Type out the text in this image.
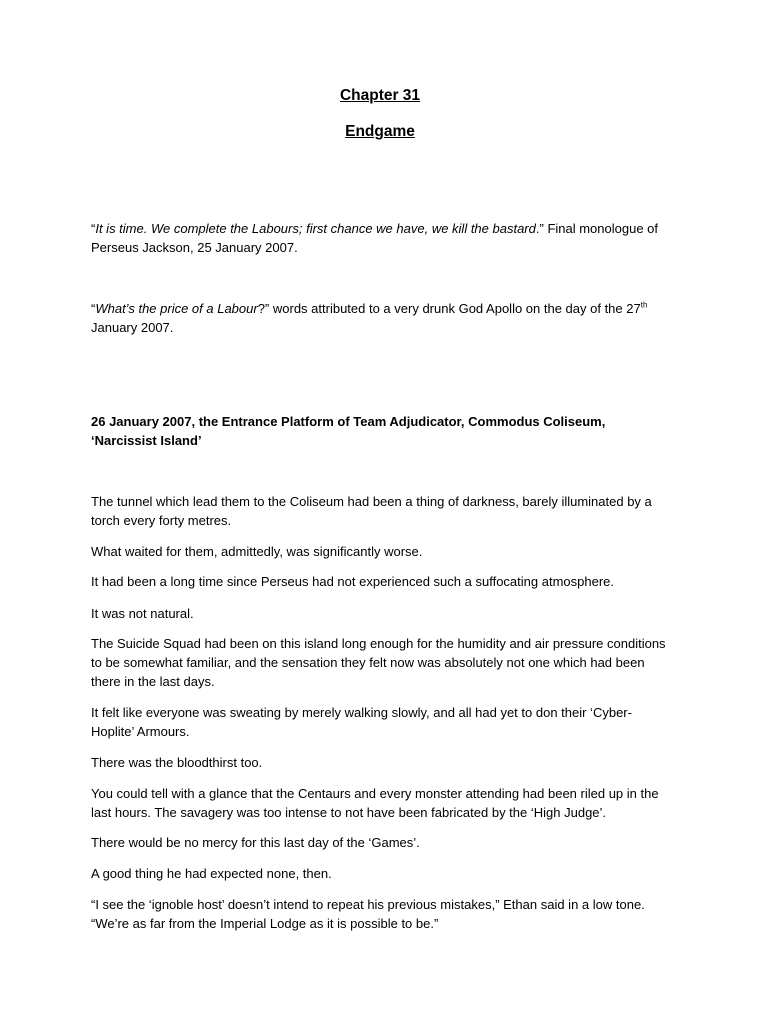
Chapter 31
Endgame

“It is time. We complete the Labours; first chance we have, we kill the bastard.” Final monologue of Perseus Jackson, 25 January 2007.

“What’s the price of a Labour?” words attributed to a very drunk God Apollo on the day of the 27th January 2007.

26 January 2007, the Entrance Platform of Team Adjudicator, Commodus Coliseum, ‘Narcissist Island’

The tunnel which lead them to the Coliseum had been a thing of darkness, barely illuminated by a torch every forty metres.

What waited for them, admittedly, was significantly worse.

It had been a long time since Perseus had not experienced such a suffocating atmosphere.

It was not natural.

The Suicide Squad had been on this island long enough for the humidity and air pressure conditions to be somewhat familiar, and the sensation they felt now was absolutely not one which had been there in the last days.

It felt like everyone was sweating by merely walking slowly, and all had yet to don their ‘Cyber-Hoplite’ Armours.

There was the bloodthirst too.

You could tell with a glance that the Centaurs and every monster attending had been riled up in the last hours. The savagery was too intense to not have been fabricated by the ‘High Judge’.

There would be no mercy for this last day of the ‘Games’.

A good thing he had expected none, then.

“I see the ‘ignoble host’ doesn’t intend to repeat his previous mistakes,” Ethan said in a low tone. “We’re as far from the Imperial Lodge as it is possible to be.”
